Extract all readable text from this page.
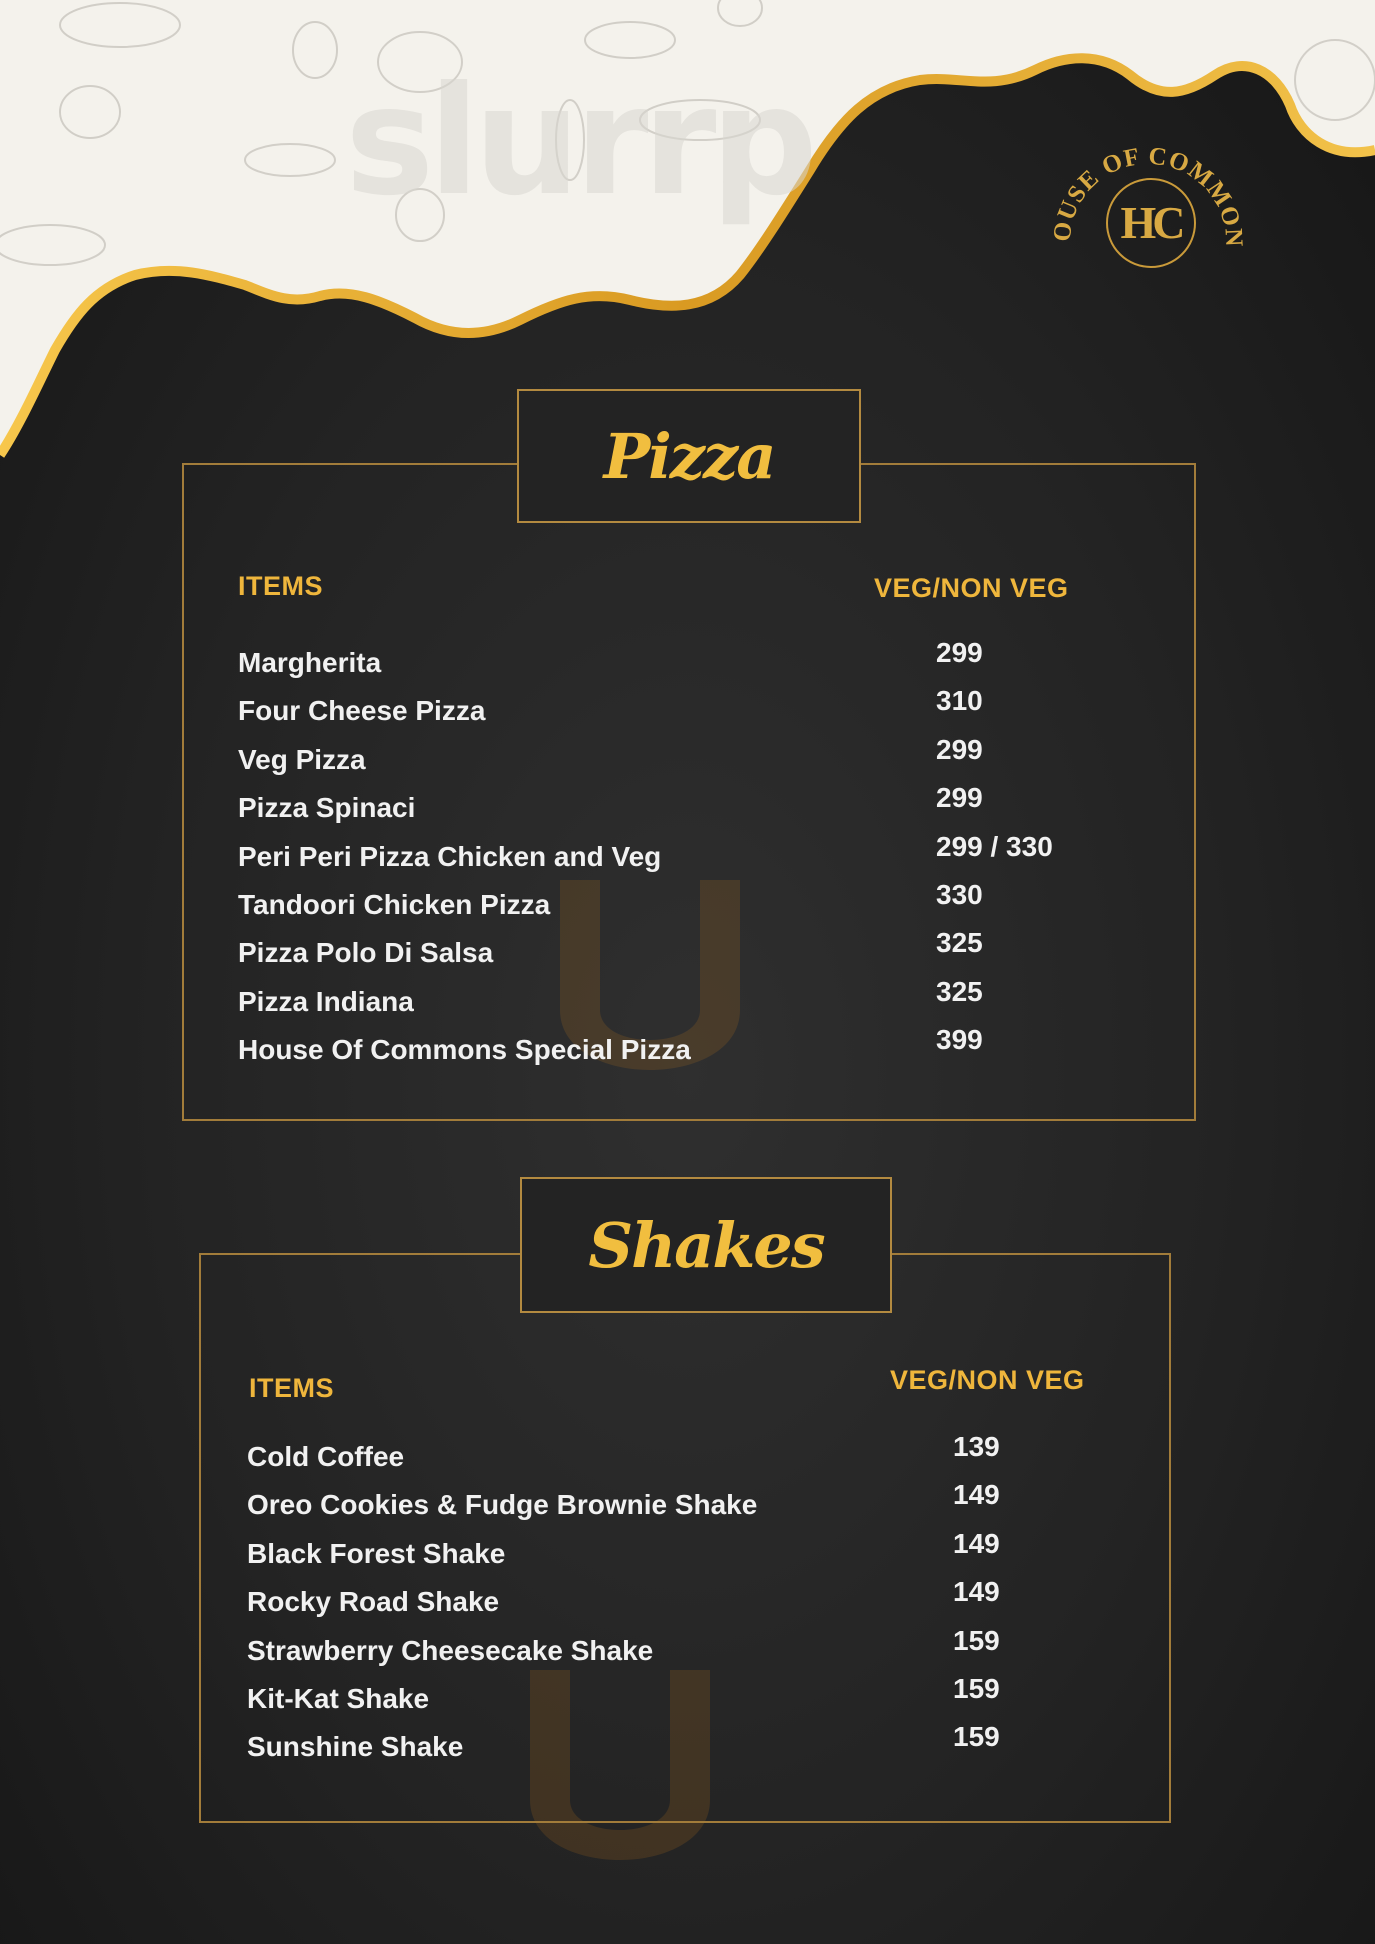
slurrp
OUSE OF COMMON
HC
ITEMS	VEG/NON VEG
Margherita	299
Four Cheese Pizza	310
Veg Pizza	299
Pizza Spinaci	299
Peri Peri Pizza Chicken and Veg	299 / 330
Tandoori Chicken Pizza	330
Pizza Polo Di Salsa	325
Pizza Indiana	325
House Of Commons Special Pizza	399
Pizza
ITEMS	VEG/NON VEG
Cold Coffee	139
Oreo Cookies & Fudge Brownie Shake	149
Black Forest Shake	149
Rocky Road Shake	149
Strawberry Cheesecake Shake	159
Kit-Kat Shake	159
Sunshine Shake	159
Shakes
